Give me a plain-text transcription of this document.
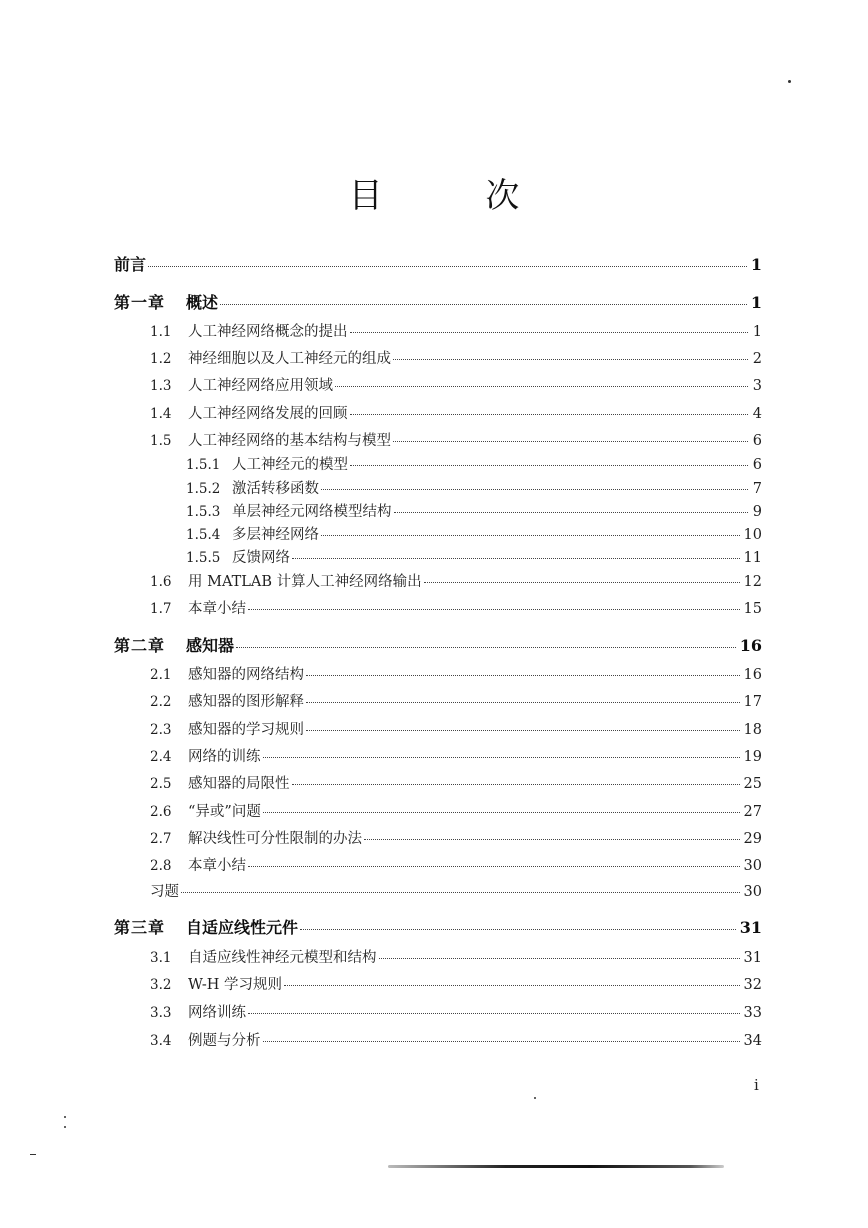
目 次
前言	1
第一章	概述	1
1.1	人工神经网络概念的提出	1
1.2	神经细胞以及人工神经元的组成	2
1.3	人工神经网络应用领域	3
1.4	人工神经网络发展的回顾	4
1.5	人工神经网络的基本结构与模型	6
1.5.1 人工神经元的模型	6
1.5.2 激活转移函数	7
1.5.3 单层神经元网络模型结构	9
1.5.4 多层神经网络	10
1.5.5 反馈网络	11
1.6	用 MATLAB 计算人工神经网络输出	12
1.7	本章小结	15
第二章	感知器	16
2.1	感知器的网络结构	16
2.2	感知器的图形解释	17
2.3	感知器的学习规则	18
2.4	网络的训练	19
2.5	感知器的局限性	25
2.6	“异或”问题	27
2.7	解决线性可分性限制的办法	29
2.8	本章小结	30
习题	30
第三章	自适应线性元件	31
3.1	自适应线性神经元模型和结构	31
3.2	W-H 学习规则	32
3.3	网络训练	33
3.4	例题与分析	34
i
